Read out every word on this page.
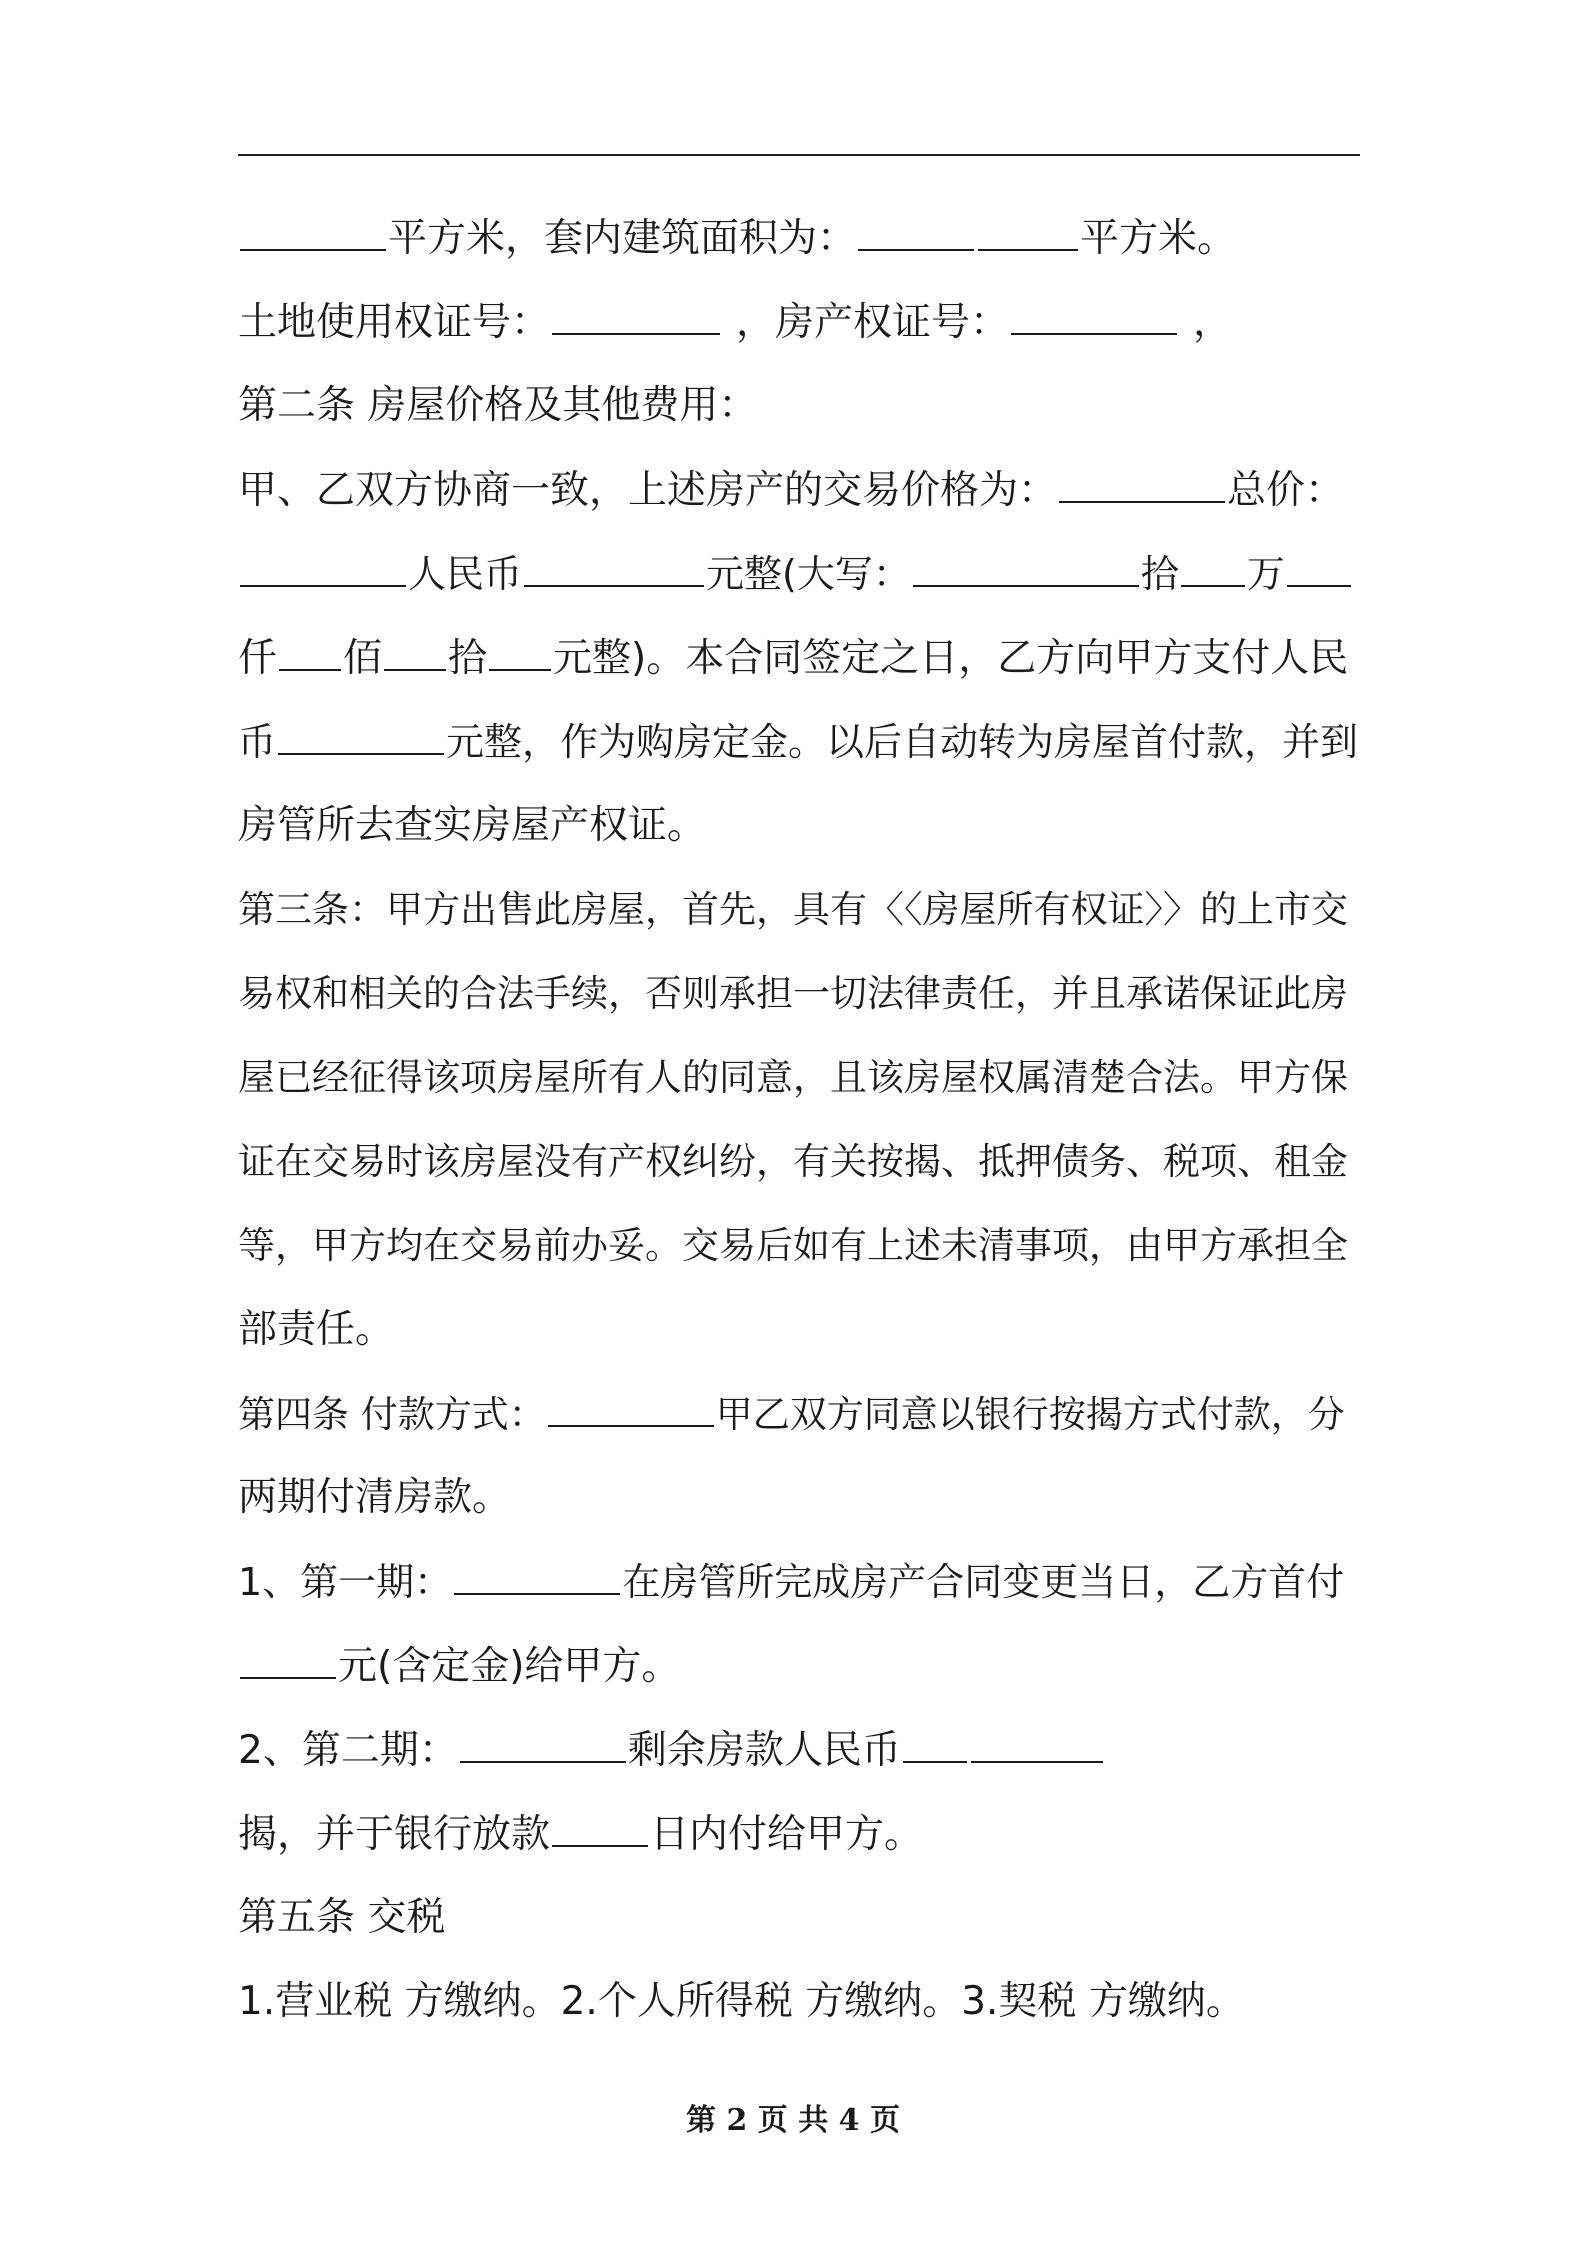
平方米，套内建筑面积为：	平方米。
土地使用权证号：	，房产权证号：	，
第二条 房屋价格及其他费用：
甲、乙双方协商一致，上述房产的交易价格为：	总价：
人民币	元整(大写：	拾 万
仟 佰 拾 元整)。本合同签定之日，乙方向甲方支付人民
币	元整，作为购房定金。以后自动转为房屋首付款，并到
房管所去查实房屋产权证。
第三条：甲方出售此房屋，首先，具有〈〈房屋所有权证〉〉的上市交
易权和相关的合法手续，否则承担一切法律责任，并且承诺保证此房
屋已经征得该项房屋所有人的同意，且该房屋权属清楚合法。甲方保
证在交易时该房屋没有产权纠纷，有关按揭、抵押债务、税项、租金
等，甲方均在交易前办妥。交易后如有上述未清事项，由甲方承担全
部责任。
第四条 付款方式：	甲乙双方同意以银行按揭方式付款，分
两期付清房款。
1、第一期：	在房管所完成房产合同变更当日，乙方首付
元(含定金)给甲方。
2、第二期：	剩余房款人民币
揭，并于银行放款	日内付给甲方。
第五条 交税
1.营业税 方缴纳。2.个人所得税 方缴纳。3.契税 方缴纳。
第 2 页 共 4 页
